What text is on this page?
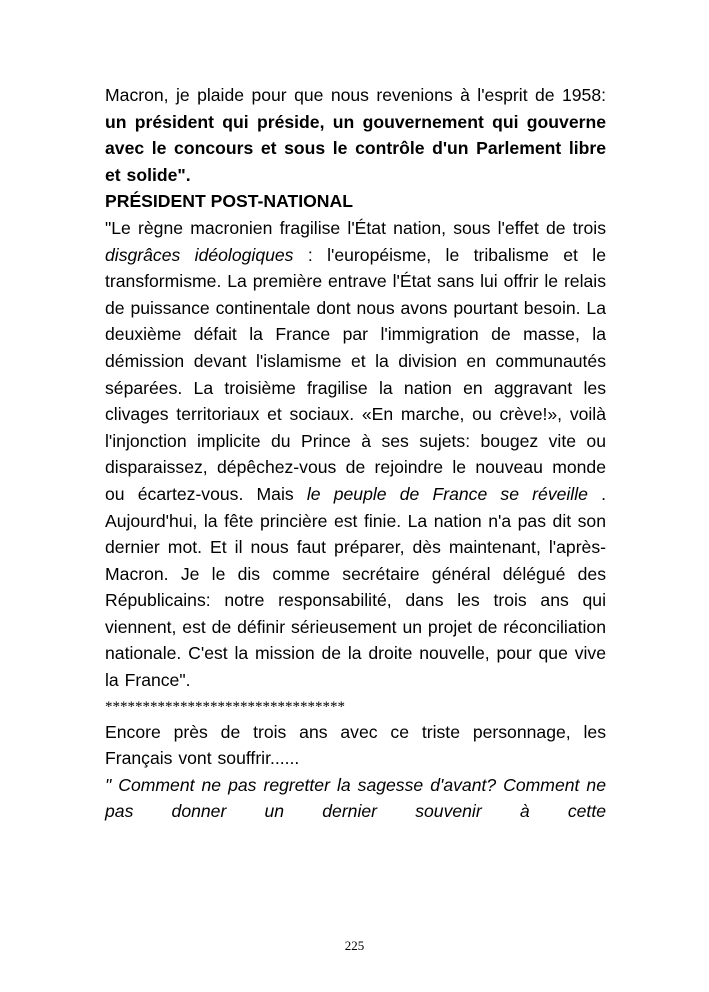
Macron, je plaide pour que nous revenions à l'esprit de 1958: un président qui préside, un gouvernement qui gouverne avec le concours et sous le contrôle d'un Parlement libre et solide".

PRÉSIDENT POST-NATIONAL

"Le règne macronien fragilise l'État nation, sous l'effet de trois disgrâces idéologiques : l'européisme, le tribalisme et le transformisme. La première entrave l'État sans lui offrir le relais de puissance continentale dont nous avons pourtant besoin. La deuxième défait la France par l'immigration de masse, la démission devant l'islamisme et la division en communautés séparées. La troisième fragilise la nation en aggravant les clivages territoriaux et sociaux. «En marche, ou crève!», voilà l'injonction implicite du Prince à ses sujets: bougez vite ou disparaissez, dépêchez-vous de rejoindre le nouveau monde ou écartez-vous. Mais le peuple de France se réveille . Aujourd'hui, la fête princière est finie. La nation n'a pas dit son dernier mot. Et il nous faut préparer, dès maintenant, l'après-Macron. Je le dis comme secrétaire général délégué des Républicains: notre responsabilité, dans les trois ans qui viennent, est de définir sérieusement un projet de réconciliation nationale. C'est la mission de la droite nouvelle, pour que vive la France".

********************************

Encore près de trois ans avec ce triste personnage, les Français vont souffrir......

" Comment ne pas regretter la sagesse d'avant? Comment ne pas donner un dernier souvenir à cette

225
